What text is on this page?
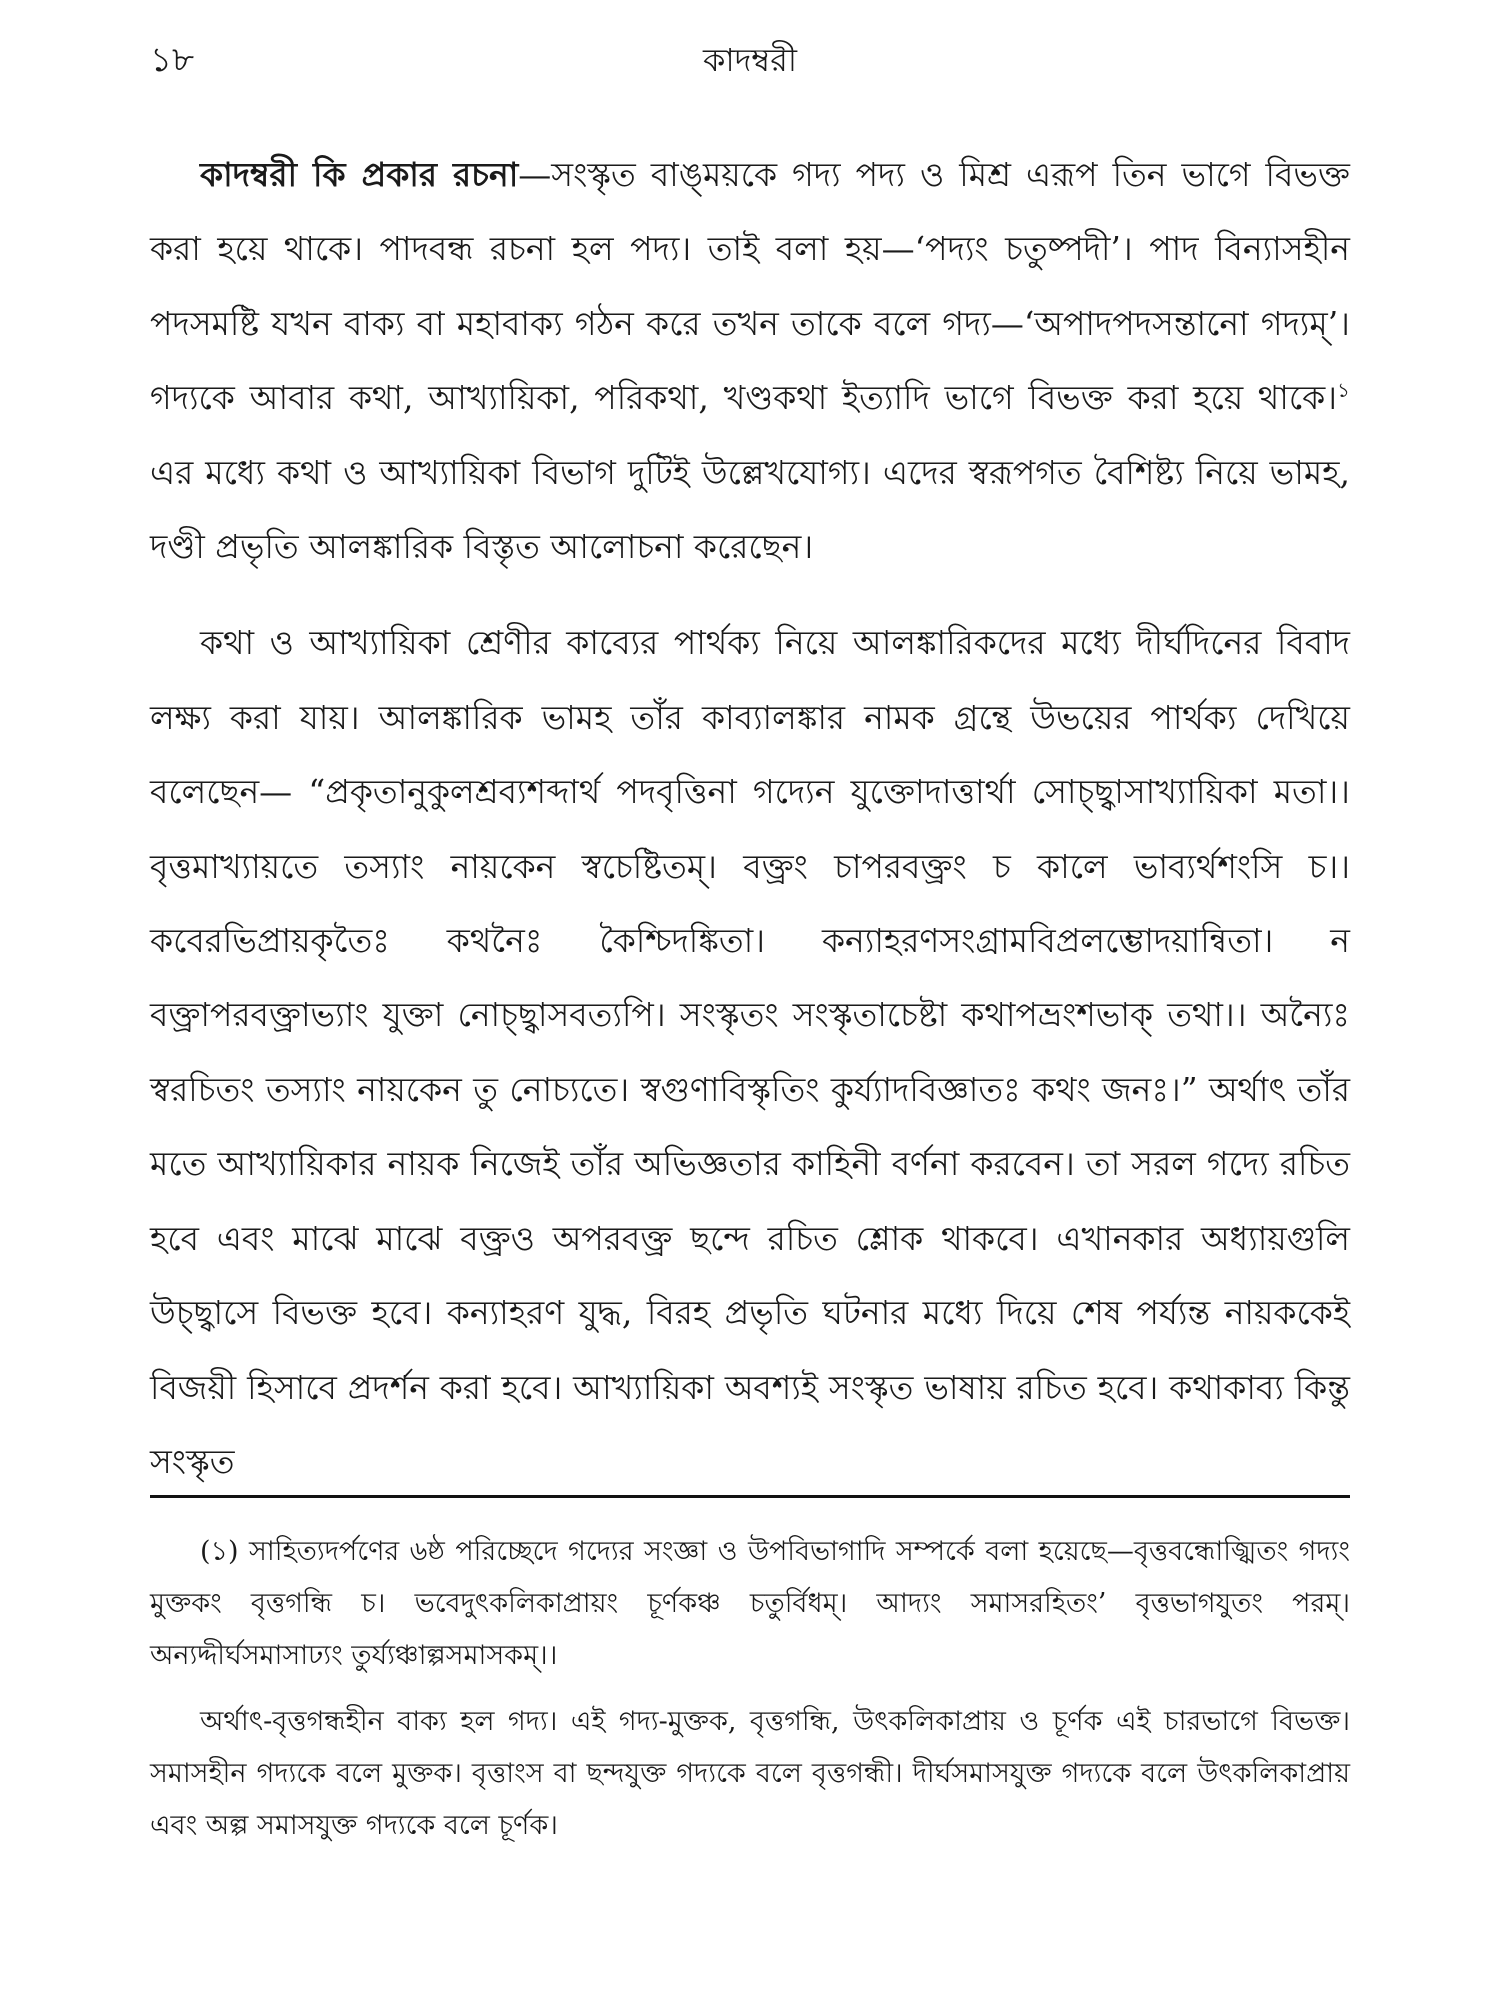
১৮	কাদম্বরী

কাদম্বরী কি প্রকার রচনা—সংস্কৃত বাঙ্‌ময়কে গদ্য পদ্য ও মিশ্র এরূপ তিন ভাগে বিভক্ত করা হয়ে থাকে। পাদবন্ধ রচনা হল পদ্য। তাই বলা হয়—‘পদ্যং চতুষ্পদী’। পাদ বিন্যাসহীন পদসমষ্টি যখন বাক্য বা মহাবাক্য গঠন করে তখন তাকে বলে গদ্য—‘অপাদপদসন্তানো গদ্যম্’। গদ্যকে আবার কথা, আখ্যায়িকা, পরিকথা, খণ্ডকথা ইত্যাদি ভাগে বিভক্ত করা হয়ে থাকে।$^১$ এর মধ্যে কথা ও আখ্যায়িকা বিভাগ দুটিই উল্লেখযোগ্য। এদের স্বরূপগত বৈশিষ্ট্য নিয়ে ভামহ, দণ্ডী প্রভৃতি আলঙ্কারিক বিস্তৃত আলোচনা করেছেন।

কথা ও আখ্যায়িকা শ্রেণীর কাব্যের পার্থক্য নিয়ে আলঙ্কারিকদের মধ্যে দীর্ঘদিনের বিবাদ লক্ষ্য করা যায়। আলঙ্কারিক ভামহ তাঁর কাব্যালঙ্কার নামক গ্রন্থে উভয়ের পার্থক্য দেখিয়ে বলেছেন— “প্রকৃতানুকুলশ্রব্যশব্দার্থ পদবৃত্তিনা গদ্যেন যুক্তোদাত্তার্থা সোচ্ছ্বাসাখ্যায়িকা মতা।। বৃত্তমাখ্যায়তে তস্যাং নায়কেন স্বচেষ্টিতম্। বক্ত্রং চাপরবক্ত্রং চ কালে ভাব্যর্থশংসি চ।। কবেরভিপ্রায়কৃতৈঃ কথনৈঃ কৈশ্চিদঙ্কিতা। কন্যাহরণসংগ্রামবিপ্রলম্ভোদয়ান্বিতা। ন বক্ত্রাপরবক্ত্রাভ্যাং যুক্তা নোচ্ছ্বাসবত্যপি। সংস্কৃতং সংস্কৃতাচেষ্টা কথাপভ্রংশভাক্ তথা।। অন্যৈঃ স্বরচিতং তস্যাং নায়কেন তু নোচ্যতে। স্বগুণাবিস্কৃতিং কুর্য্যাদবিজ্ঞাতঃ কথং জনঃ।” অর্থাৎ তাঁর মতে আখ্যায়িকার নায়ক নিজেই তাঁর অভিজ্ঞতার কাহিনী বর্ণনা করবেন। তা সরল গদ্যে রচিত হবে এবং মাঝে মাঝে বক্ত্রও অপরবক্ত্র ছন্দে রচিত শ্লোক থাকবে। এখানকার অধ্যায়গুলি উচ্ছ্বাসে বিভক্ত হবে। কন্যাহরণ যুদ্ধ, বিরহ প্রভৃতি ঘটনার মধ্যে দিয়ে শেষ পর্য্যন্ত নায়ককেই বিজয়ী হিসাবে প্রদর্শন করা হবে। আখ্যায়িকা অবশ্যই সংস্কৃত ভাষায় রচিত হবে। কথাকাব্য কিন্তু সংস্কৃত

(১) সাহিত্যদর্পণের ৬ষ্ঠ পরিচ্ছেদে গদ্যের সংজ্ঞা ও উপবিভাগাদি সম্পর্কে বলা হয়েছে—বৃত্তবন্ধোজ্ঝিতং গদ্যং মুক্তকং বৃত্তগন্ধি চ। ভবেদুৎকলিকাপ্রায়ং চূর্ণকঞ্চ চতুর্বিধম্। আদ্যং সমাসরহিতং’ বৃত্তভাগযুতং পরম্। অন্যদ্দীর্ঘসমাসাঢ্যং তুর্য্যঞ্চাল্পসমাসকম্।।

অর্থাৎ-বৃত্তগন্ধহীন বাক্য হল গদ্য। এই গদ্য-মুক্তক, বৃত্তগন্ধি, উৎকলিকাপ্রায় ও চূর্ণক এই চারভাগে বিভক্ত। সমাসহীন গদ্যকে বলে মুক্তক। বৃত্তাংস বা ছন্দযুক্ত গদ্যকে বলে বৃত্তগন্ধী। দীর্ঘসমাসযুক্ত গদ্যকে বলে উৎকলিকাপ্রায় এবং অল্প সমাসযুক্ত গদ্যকে বলে চূর্ণক।
